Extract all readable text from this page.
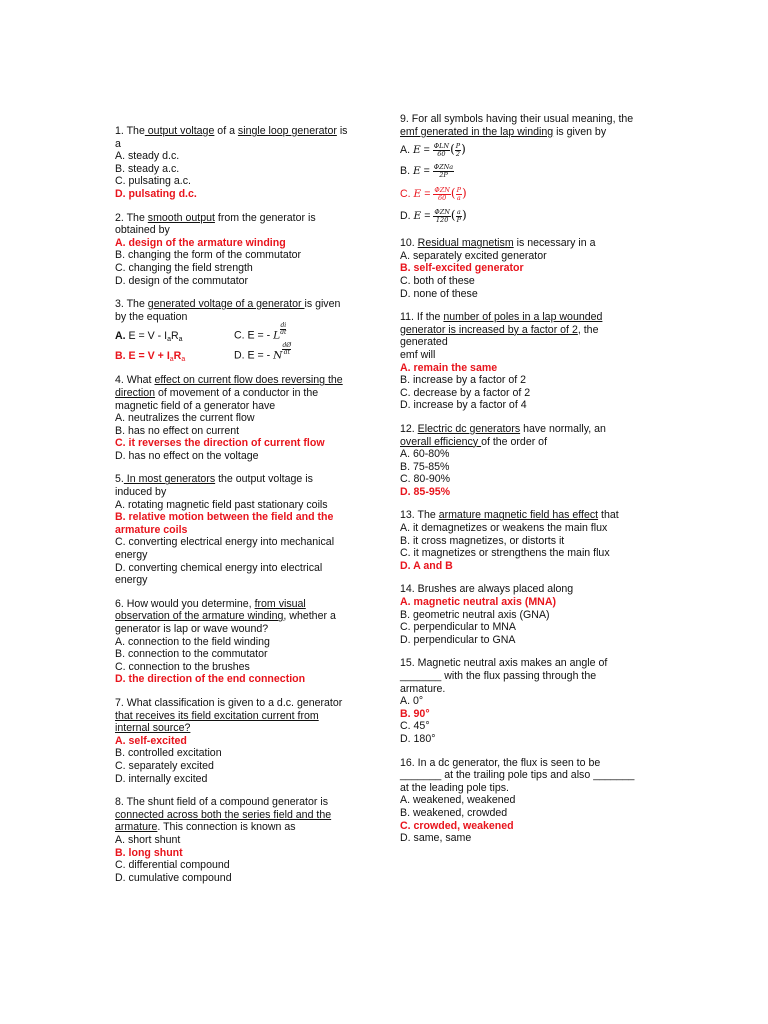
1. The output voltage of a single loop generator is
a
A. steady d.c.
B. steady a.c.
C. pulsating a.c.
D. pulsating d.c.
2. The smooth output from the generator is
obtained by
A. design of the armature winding
B. changing the form of the commutator
C. changing the field strength
D. design of the commutator
3. The generated voltage of a generator is given
by the equation
A. $E = V - I_aR_a$	C. E = - L $\frac{di}{dt}$
B. $E = V + I_aR_a$	D. E = - N $\frac{dØ}{dt}$
4. What effect on current flow does reversing the
direction of movement of a conductor in the
magnetic field of a generator have
A. neutralizes the current flow
B. has no effect on current
C. it reverses the direction of current flow
D. has no effect on the voltage
5. In most generators the output voltage is
induced by
A. rotating magnetic field past stationary coils
B. relative motion between the field and the
armature coils
C. converting electrical energy into mechanical
energy
D. converting chemical energy into electrical
energy
6. How would you determine, from visual
observation of the armature winding, whether a
generator is lap or wave wound?
A. connection to the field winding
B. connection to the commutator
C. connection to the brushes
D. the direction of the end connection
7. What classification is given to a d.c. generator
that receives its field excitation current from
internal source?
A. self-excited
B. controlled excitation
C. separately excited
D. internally excited
8. The shunt field of a compound generator is
connected across both the series field and the
armature. This connection is known as
A. short shunt
B. long shunt
C. differential compound
D. cumulative compound
9. For all symbols having their usual meaning, the
emf generated in the lap winding is given by
A. $E = \frac{\text{ΦLN}}{60}$ ( $\frac{P}{2}$ )
B. $E = \frac{\text{ΦZNa}}{2P}$
C. $E = \frac{\text{ΦZN}}{60}$ ( $\frac{P}{a}$ )
D. $E = \frac{\text{ΦZN}}{120}$ ( $\frac{a}{P}$ )
10. Residual magnetism is necessary in a
A. separately excited generator
B. self-excited generator
C. both of these
D. none of these
11. If the number of poles in a lap wounded
generator is increased by a factor of 2, the
generated
emf will
A. remain the same
B. increase by a factor of 2
C. decrease by a factor of 2
D. increase by a factor of 4
12. Electric dc generators have normally, an
overall efficiency of the order of
A. 60-80%
B. 75-85%
C. 80-90%
D. 85-95%
13. The armature magnetic field has effect that
A. it demagnetizes or weakens the main flux
B. it cross magnetizes, or distorts it
C. it magnetizes or strengthens the main flux
D. A and B
14. Brushes are always placed along
A. magnetic neutral axis (MNA)
B. geometric neutral axis (GNA)
C. perpendicular to MNA
D. perpendicular to GNA
15. Magnetic neutral axis makes an angle of
_______ with the flux passing through the
armature.
A. 0°
B. 90°
C. 45°
D. 180°
16. In a dc generator, the flux is seen to be
_______ at the trailing pole tips and also _______
at the leading pole tips.
A. weakened, weakened
B. weakened, crowded
C. crowded, weakened
D. same, same
